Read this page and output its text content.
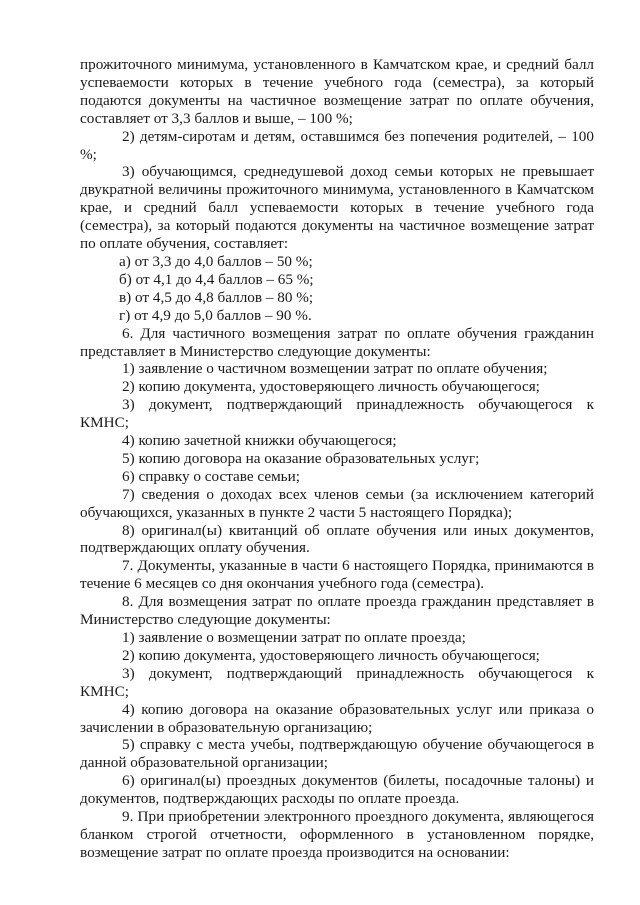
прожиточного минимума, установленного в Камчатском крае, и средний балл успеваемости которых в течение учебного года (семестра), за который подаются документы на частичное возмещение затрат по оплате обучения, составляет от 3,3 баллов и выше, – 100 %;

2) детям-сиротам и детям, оставшимся без попечения родителей, – 100 %;

3) обучающимся, среднедушевой доход семьи которых не превышает двукратной величины прожиточного минимума, установленного в Камчатском крае, и средний балл успеваемости которых в течение учебного года (семестра), за который подаются документы на частичное возмещение затрат по оплате обучения, составляет:

а) от 3,3 до 4,0 баллов – 50 %;

б) от 4,1 до 4,4 баллов – 65 %;

в) от 4,5 до 4,8 баллов – 80 %;

г) от 4,9 до 5,0 баллов – 90 %.

6. Для частичного возмещения затрат по оплате обучения гражданин представляет в Министерство следующие документы:

1) заявление о частичном возмещении затрат по оплате обучения;

2) копию документа, удостоверяющего личность обучающегося;

3) документ, подтверждающий принадлежность обучающегося к КМНС;

4) копию зачетной книжки обучающегося;

5) копию договора на оказание образовательных услуг;

6) справку о составе семьи;

7) сведения о доходах всех членов семьи (за исключением категорий обучающихся, указанных в пункте 2 части 5 настоящего Порядка);

8) оригинал(ы) квитанций об оплате обучения или иных документов, подтверждающих оплату обучения.

7. Документы, указанные в части 6 настоящего Порядка, принимаются в течение 6 месяцев со дня окончания учебного года (семестра).

8. Для возмещения затрат по оплате проезда гражданин представляет в Министерство следующие документы:

1) заявление о возмещении затрат по оплате проезда;

2) копию документа, удостоверяющего личность обучающегося;

3) документ, подтверждающий принадлежность обучающегося к КМНС;

4) копию договора на оказание образовательных услуг или приказа о зачислении в образовательную организацию;

5) справку с места учебы, подтверждающую обучение обучающегося в данной образовательной организации;

6) оригинал(ы) проездных документов (билеты, посадочные талоны) и документов, подтверждающих расходы по оплате проезда.

9. При приобретении электронного проездного документа, являющегося бланком строгой отчетности, оформленного в установленном порядке, возмещение затрат по оплате проезда производится на основании:
